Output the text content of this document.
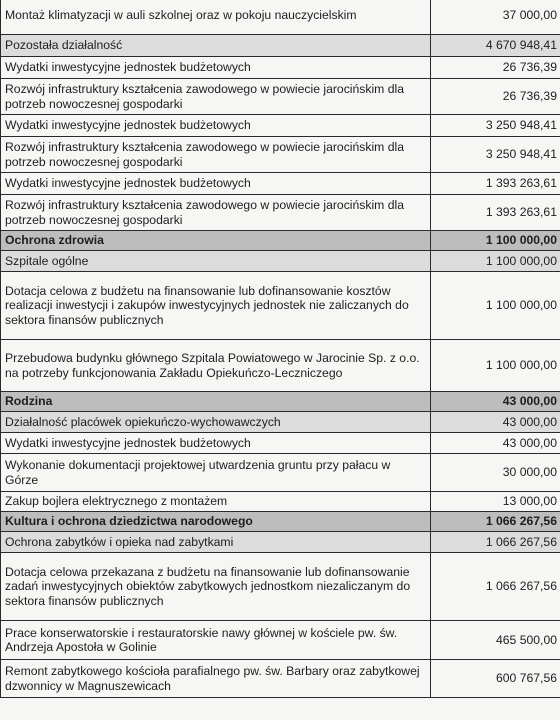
Montaż klimatyzacji w auli szkolnej oraz w pokoju nauczycielskim	37 000,00
Pozostała działalność	4 670 948,41
Wydatki inwestycyjne jednostek budżetowych	26 736,39
Rozwój infrastruktury kształcenia zawodowego w powiecie jarocińskim dla potrzeb nowoczesnej gospodarki	26 736,39
Wydatki inwestycyjne jednostek budżetowych	3 250 948,41
Rozwój infrastruktury kształcenia zawodowego w powiecie jarocińskim dla potrzeb nowoczesnej gospodarki	3 250 948,41
Wydatki inwestycyjne jednostek budżetowych	1 393 263,61
Rozwój infrastruktury kształcenia zawodowego w powiecie jarocińskim dla potrzeb nowoczesnej gospodarki	1 393 263,61
Ochrona zdrowia	1 100 000,00
Szpitale ogólne	1 100 000,00
Dotacja celowa z budżetu na finansowanie lub dofinansowanie kosztów realizacji inwestycji i zakupów inwestycyjnych jednostek nie zaliczanych do sektora finansów publicznych	1 100 000,00
Przebudowa budynku głównego Szpitala Powiatowego w Jarocinie Sp. z o.o. na potrzeby funkcjonowania Zakładu Opiekuńczo-Leczniczego	1 100 000,00
Rodzina	43 000,00
Działalność placówek opiekuńczo-wychowawczych	43 000,00
Wydatki inwestycyjne jednostek budżetowych	43 000,00
Wykonanie dokumentacji projektowej utwardzenia gruntu przy pałacu w Górze	30 000,00
Zakup bojlera elektrycznego z montażem	13 000,00
Kultura i ochrona dziedzictwa narodowego	1 066 267,56
Ochrona zabytków i opieka nad zabytkami	1 066 267,56
Dotacja celowa przekazana z budżetu na finansowanie lub dofinansowanie zadań inwestycyjnych obiektów zabytkowych jednostkom niezaliczanym do sektora finansów publicznych	1 066 267,56
Prace konserwatorskie i restauratorskie nawy głównej w kościele pw. św. Andrzeja Apostoła w Golinie	465 500,00
Remont zabytkowego kościoła parafialnego pw. św. Barbary oraz zabytkowej dzwonnicy w Magnuszewicach	600 767,56
